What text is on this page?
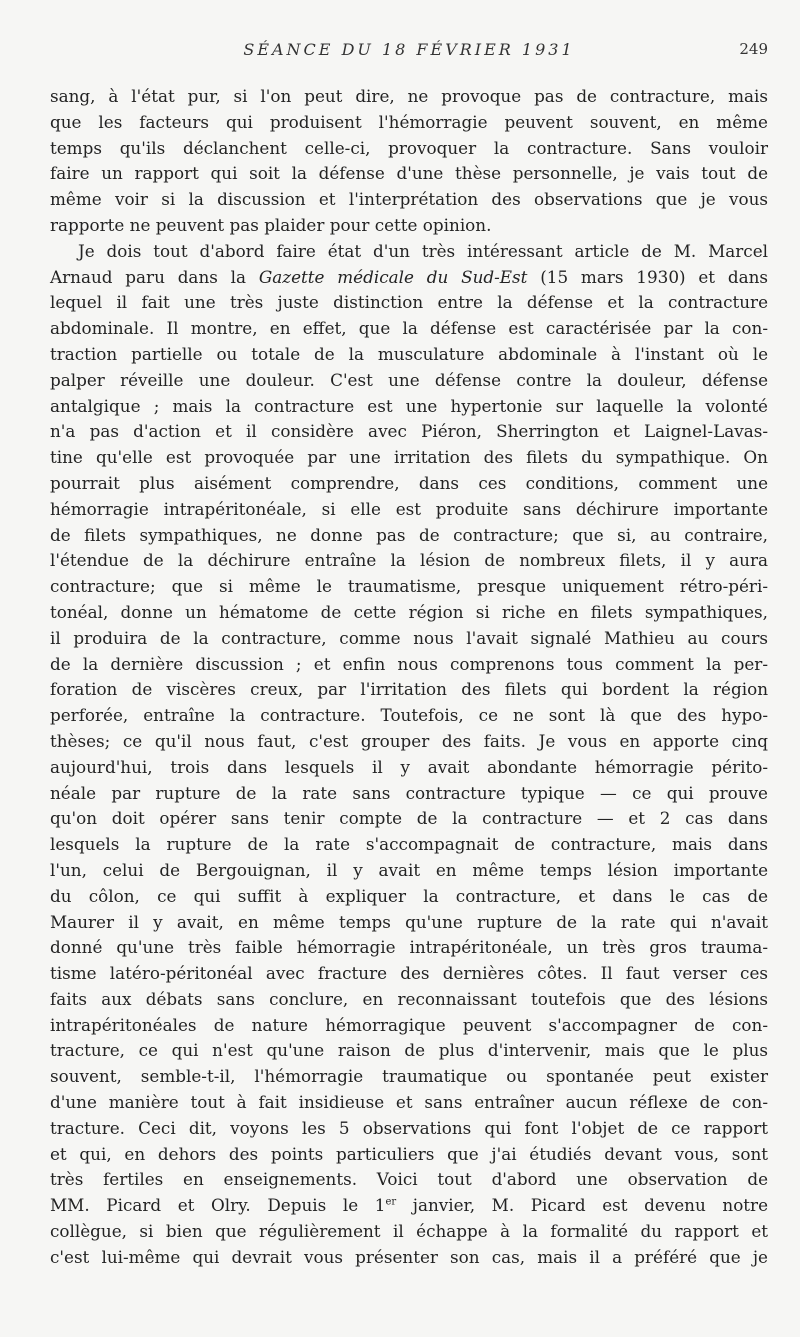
SÉANCE DU 18 FÉVRIER 1931	249
sang, à l'état pur, si l'on peut dire, ne provoque pas de contracture, mais
que les facteurs qui produisent l'hémorragie peuvent souvent, en même
temps qu'ils déclanchent celle-ci, provoquer la contracture. Sans vouloir
faire un rapport qui soit la défense d'une thèse personnelle, je vais tout de
même voir si la discussion et l'interprétation des observations que je vous
rapporte ne peuvent pas plaider pour cette opinion.
Je dois tout d'abord faire état d'un très intéressant article de M. Marcel
Arnaud paru dans la Gazette médicale du Sud-Est (15 mars 1930) et dans
lequel il fait une très juste distinction entre la défense et la contracture
abdominale. Il montre, en effet, que la défense est caractérisée par la con-
traction partielle ou totale de la musculature abdominale à l'instant où le
palper réveille une douleur. C'est une défense contre la douleur, défense
antalgique ; mais la contracture est une hypertonie sur laquelle la volonté
n'a pas d'action et il considère avec Piéron, Sherrington et Laignel-Lavas-
tine qu'elle est provoquée par une irritation des filets du sympathique. On
pourrait plus aisément comprendre, dans ces conditions, comment une
hémorragie intrapéritonéale, si elle est produite sans déchirure importante
de filets sympathiques, ne donne pas de contracture; que si, au contraire,
l'étendue de la déchirure entraîne la lésion de nombreux filets, il y aura
contracture; que si même le traumatisme, presque uniquement rétro-péri-
tonéal, donne un hématome de cette région si riche en filets sympathiques,
il produira de la contracture, comme nous l'avait signalé Mathieu au cours
de la dernière discussion ; et enfin nous comprenons tous comment la per-
foration de viscères creux, par l'irritation des filets qui bordent la région
perforée, entraîne la contracture. Toutefois, ce ne sont là que des hypo-
thèses; ce qu'il nous faut, c'est grouper des faits. Je vous en apporte cinq
aujourd'hui, trois dans lesquels il y avait abondante hémorragie périto-
néale par rupture de la rate sans contracture typique — ce qui prouve
qu'on doit opérer sans tenir compte de la contracture — et 2 cas dans
lesquels la rupture de la rate s'accompagnait de contracture, mais dans
l'un, celui de Bergouignan, il y avait en même temps lésion importante
du côlon, ce qui suffit à expliquer la contracture, et dans le cas de
Maurer il y avait, en même temps qu'une rupture de la rate qui n'avait
donné qu'une très faible hémorragie intrapéritonéale, un très gros trauma-
tisme latéro-péritonéal avec fracture des dernières côtes. Il faut verser ces
faits aux débats sans conclure, en reconnaissant toutefois que des lésions
intrapéritonéales de nature hémorragique peuvent s'accompagner de con-
tracture, ce qui n'est qu'une raison de plus d'intervenir, mais que le plus
souvent, semble-t-il, l'hémorragie traumatique ou spontanée peut exister
d'une manière tout à fait insidieuse et sans entraîner aucun réflexe de con-
tracture. Ceci dit, voyons les 5 observations qui font l'objet de ce rapport
et qui, en dehors des points particuliers que j'ai étudiés devant vous, sont
très fertiles en enseignements. Voici tout d'abord une observation de
MM. Picard et Olry. Depuis le 1er janvier, M. Picard est devenu notre
collègue, si bien que régulièrement il échappe à la formalité du rapport et
c'est lui-même qui devrait vous présenter son cas, mais il a préféré que je
